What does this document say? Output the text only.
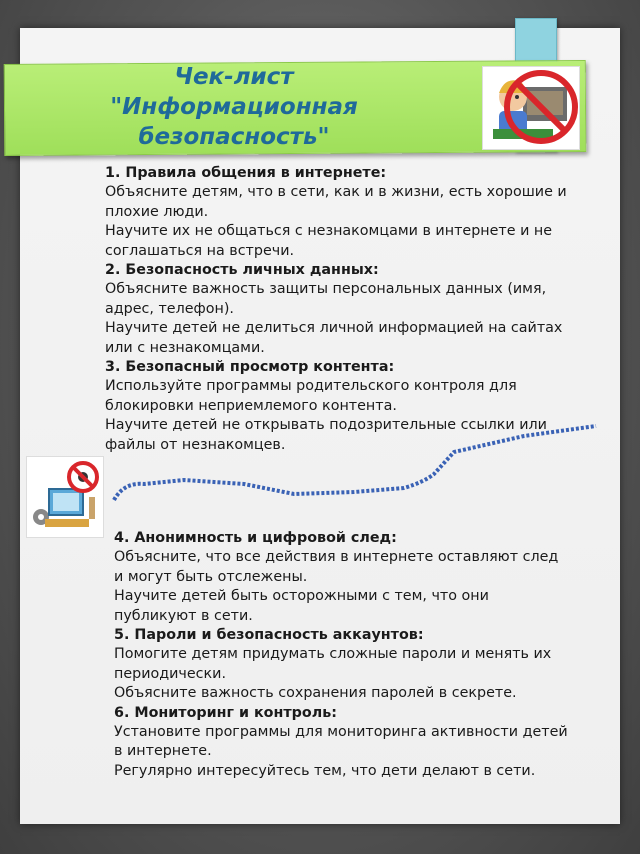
Чек-лист
"Информационная
безопасность"
1. Правила общения в интернете:
Объясните детям, что в сети, как и в жизни, есть хорошие и плохие люди.
Научите их не общаться с незнакомцами в интернете и не соглашаться на встречи.
2. Безопасность личных данных:
Объясните важность защиты персональных данных (имя, адрес, телефон).
Научите детей не делиться личной информацией на сайтах или с незнакомцами.
3. Безопасный просмотр контента:
Используйте программы родительского контроля для блокировки неприемлемого контента.
Научите детей не открывать подозрительные ссылки или файлы от незнакомцев.
4. Анонимность и цифровой след:
Объясните, что все действия в интернете оставляют след и могут быть отслежены.
Научите детей быть осторожными с тем, что они публикуют в сети.
5. Пароли и безопасность аккаунтов:
Помогите детям придумать сложные пароли и менять их периодически.
Объясните важность сохранения паролей в секрете.
6. Мониторинг и контроль:
Установите программы для мониторинга активности детей в интернете.
Регулярно интересуйтесь тем, что дети делают в сети.
